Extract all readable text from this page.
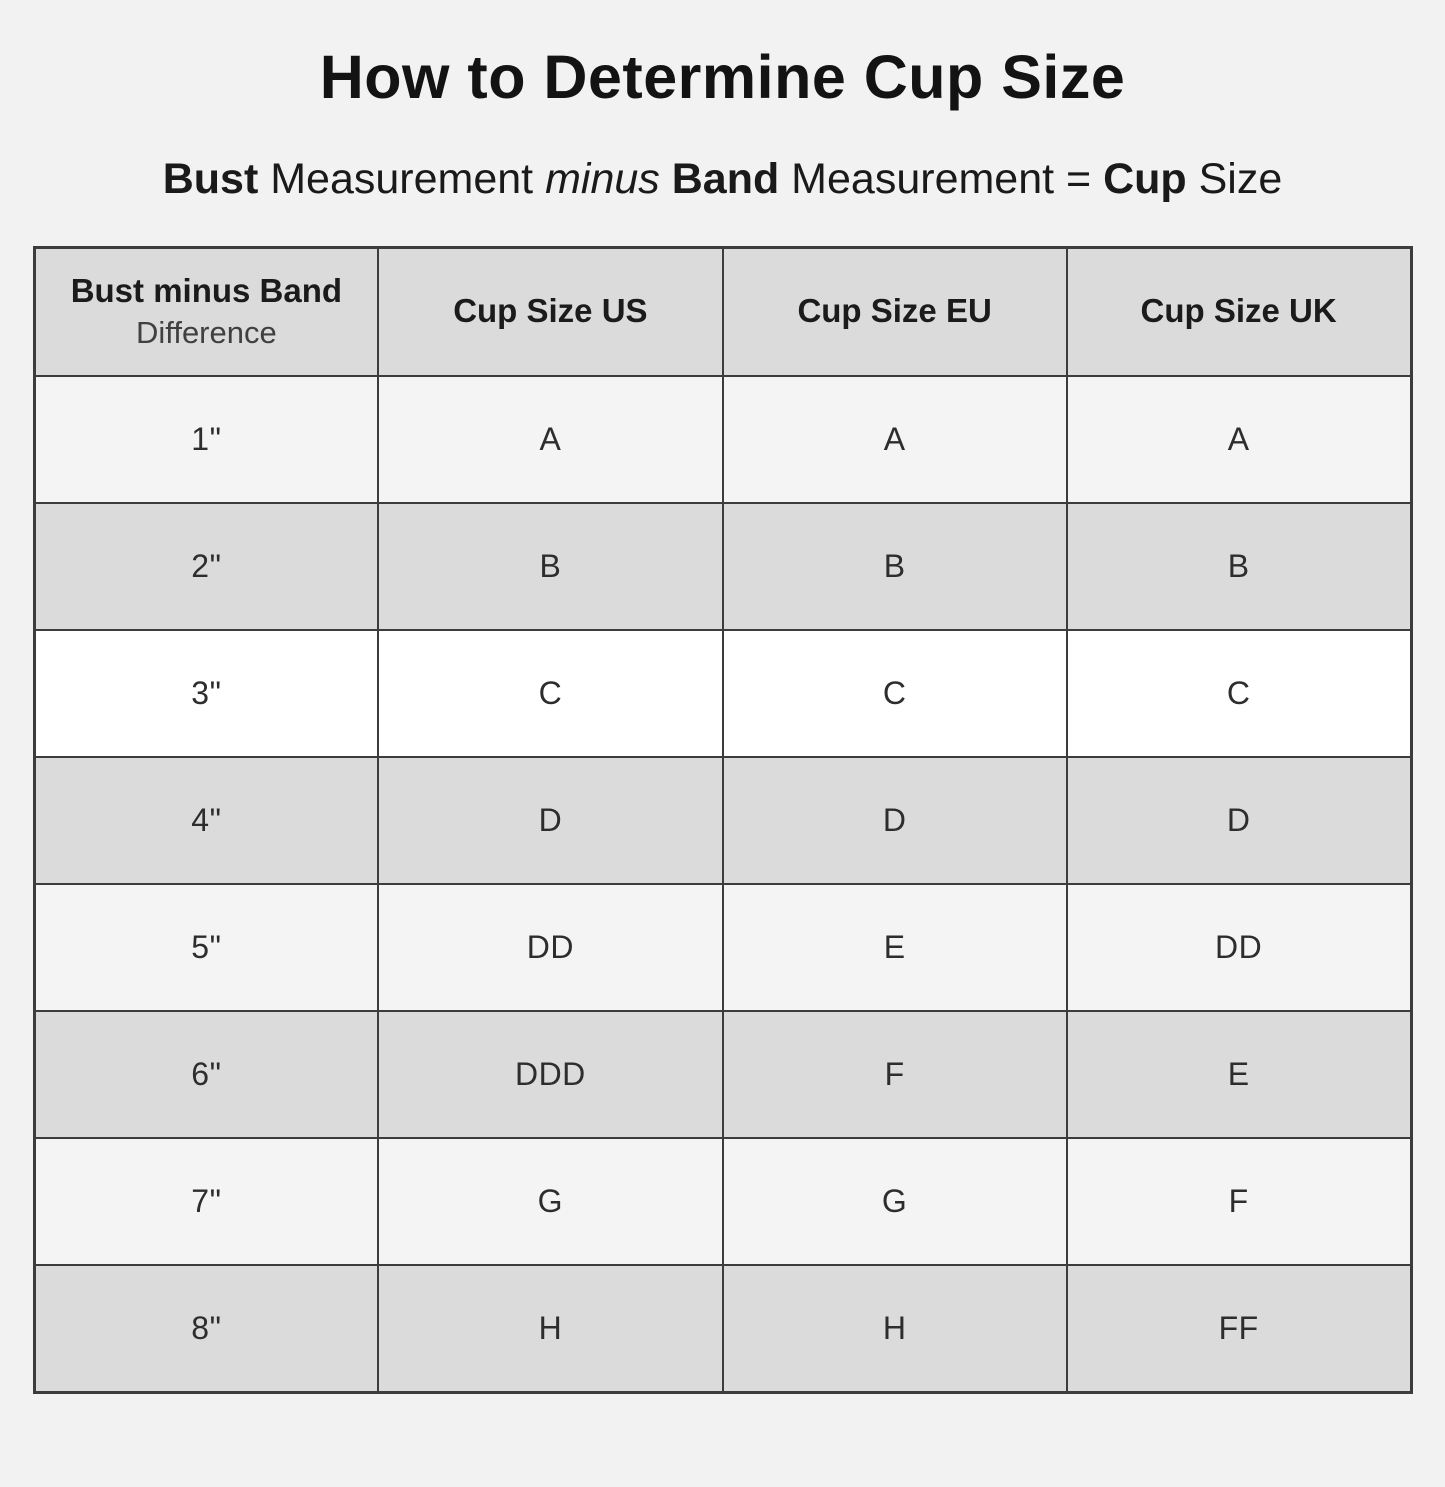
How to Determine Cup Size
Bust Measurement minus Band Measurement = Cup Size
Bust minus Band
Difference	Cup Size US	Cup Size EU	Cup Size UK
1"	A	A	A
2"	B	B	B
3"	C	C	C
4"	D	D	D
5"	DD	E	DD
6"	DDD	F	E
7"	G	G	F
8"	H	H	FF
